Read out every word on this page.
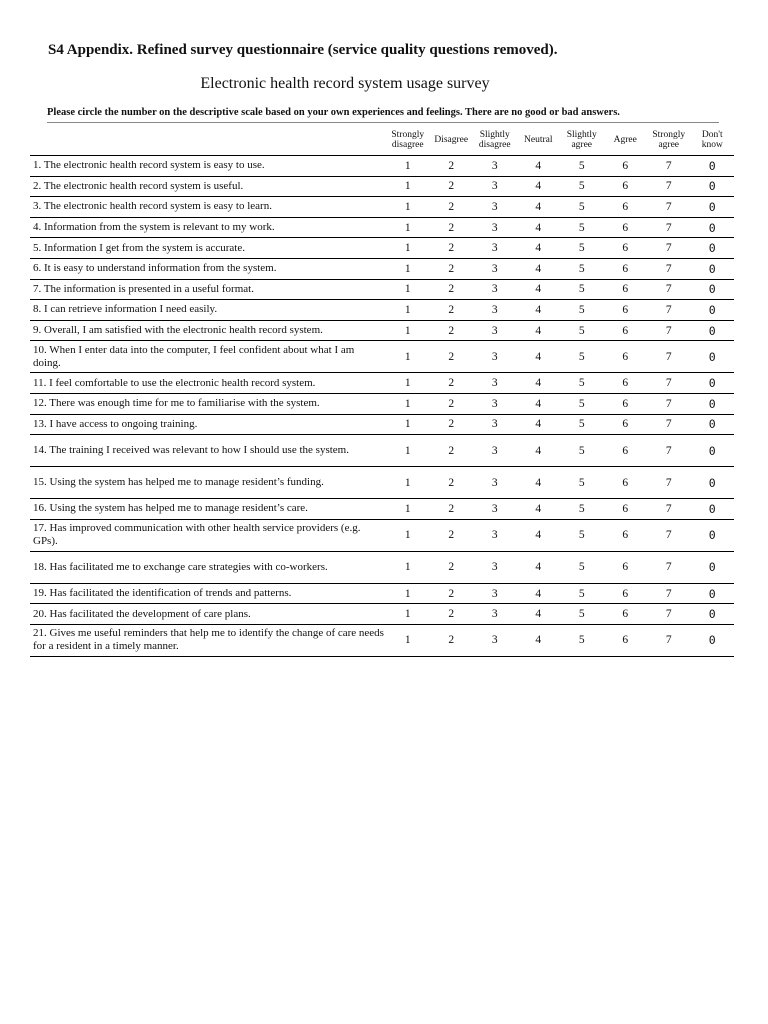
S4 Appendix. Refined survey questionnaire (service quality questions removed).
Electronic health record system usage survey
Please circle the number on the descriptive scale based on your own experiences and feelings. There are no good or bad answers.
	Strongly disagree	Disagree	Slightly disagree	Neutral	Slightly agree	Agree	Strongly agree	Don't know
1. The electronic health record system is easy to use.	1	2	3	4	5	6	7	0
2. The electronic health record system is useful.	1	2	3	4	5	6	7	0
3. The electronic health record system is easy to learn.	1	2	3	4	5	6	7	0
4. Information from the system is relevant to my work.	1	2	3	4	5	6	7	0
5. Information I get from the system is accurate.	1	2	3	4	5	6	7	0
6. It is easy to understand information from the system.	1	2	3	4	5	6	7	0
7. The information is presented in a useful format.	1	2	3	4	5	6	7	0
8. I can retrieve information I need easily.	1	2	3	4	5	6	7	0
9. Overall, I am satisfied with the electronic health record system.	1	2	3	4	5	6	7	0
10. When I enter data into the computer, I feel confident about what I am doing.	1	2	3	4	5	6	7	0
11. I feel comfortable to use the electronic health record system.	1	2	3	4	5	6	7	0
12. There was enough time for me to familiarise with the system.	1	2	3	4	5	6	7	0
13. I have access to ongoing training.	1	2	3	4	5	6	7	0
14. The training I received was relevant to how I should use the system.	1	2	3	4	5	6	7	0
15. Using the system has helped me to manage resident’s funding.	1	2	3	4	5	6	7	0
16. Using the system has helped me to manage resident’s care.	1	2	3	4	5	6	7	0
17. Has improved communication with other health service providers (e.g. GPs).	1	2	3	4	5	6	7	0
18. Has facilitated me to exchange care strategies with co-workers.	1	2	3	4	5	6	7	0
19. Has facilitated the identification of trends and patterns.	1	2	3	4	5	6	7	0
20. Has facilitated the development of care plans.	1	2	3	4	5	6	7	0
21. Gives me useful reminders that help me to identify the change of care needs for a resident in a timely manner.	1	2	3	4	5	6	7	0
